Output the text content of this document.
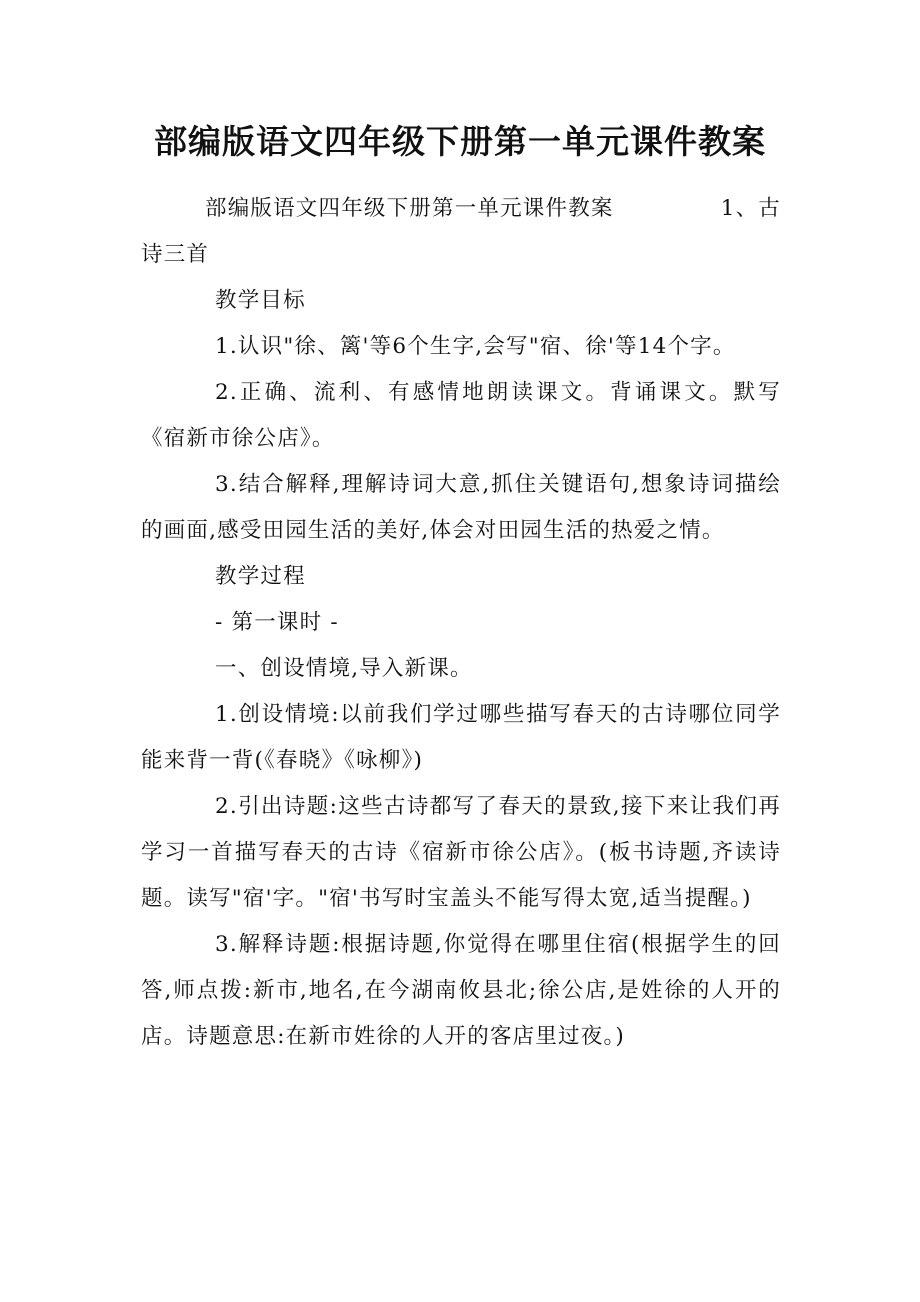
部编版语文四年级下册第一单元课件教案
部编版语文四年级下册第一单元课件教案	1、古
诗三首

教学目标

1.认识"徐、篱'等6个生字,会写"宿、徐'等14个字。

2.正确、流利、有感情地朗读课文。背诵课文。默写《宿新市徐公店》。

3.结合解释,理解诗词大意,抓住关键语句,想象诗词描绘的画面,感受田园生活的美好,体会对田园生活的热爱之情。

教学过程

- 第一课时 -

一、创设情境,导入新课。

1.创设情境:以前我们学过哪些描写春天的古诗哪位同学能来背一背(《春晓》《咏柳》)

2.引出诗题:这些古诗都写了春天的景致,接下来让我们再学习一首描写春天的古诗《宿新市徐公店》。(板书诗题,齐读诗题。读写"宿'字。"宿'书写时宝盖头不能写得太宽,适当提醒。)

3.解释诗题:根据诗题,你觉得在哪里住宿(根据学生的回答,师点拨:新市,地名,在今湖南攸县北;徐公店,是姓徐的人开的店。诗题意思:在新市姓徐的人开的客店里过夜。)
